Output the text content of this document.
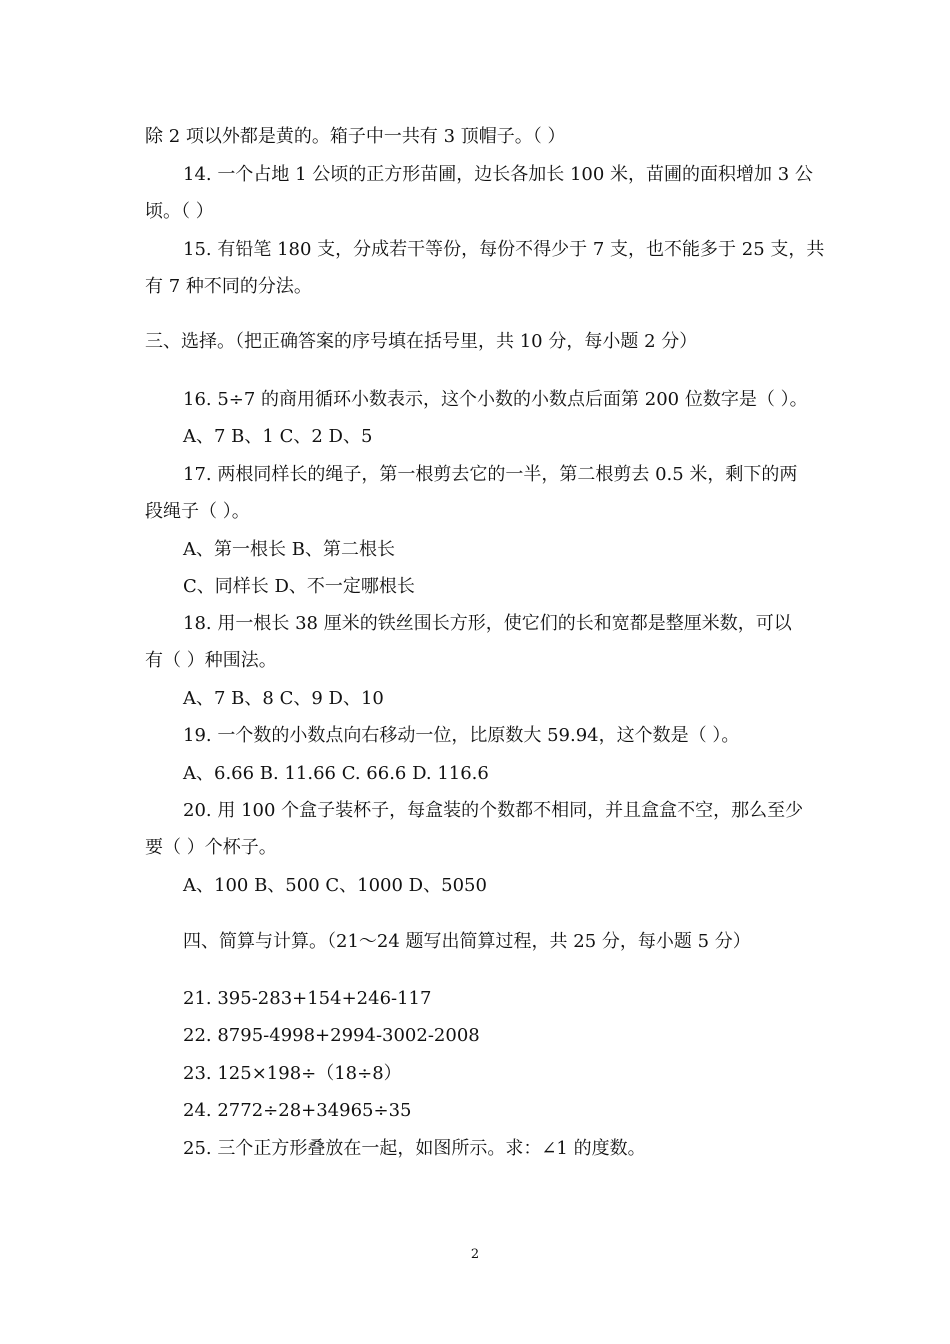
除 2 项以外都是黄的。箱子中一共有 3 顶帽子。（ ）
14. 一个占地 1 公顷的正方形苗圃，边长各加长 100 米，苗圃的面积增加 3 公
顷。（ ）
15. 有铅笔 180 支，分成若干等份，每份不得少于 7 支，也不能多于 25 支，共
有 7 种不同的分法。
三、选择。（把正确答案的序号填在括号里，共 10 分，每小题 2 分）
16. 5÷7 的商用循环小数表示，这个小数的小数点后面第 200 位数字是（ ）。
A、7 B、1 C、2 D、5
17. 两根同样长的绳子，第一根剪去它的一半，第二根剪去 0.5 米，剩下的两
段绳子（ ）。
A、第一根长 B、第二根长
C、同样长 D、不一定哪根长
18. 用一根长 38 厘米的铁丝围长方形，使它们的长和宽都是整厘米数，可以
有（ ）种围法。
A、7 B、8 C、9 D、10
19. 一个数的小数点向右移动一位，比原数大 59.94，这个数是（ ）。
A、6.66 B. 11.66 C. 66.6 D. 116.6
20. 用 100 个盒子装杯子，每盒装的个数都不相同，并且盒盒不空，那么至少
要（ ）个杯子。
A、100 B、500 C、1000 D、5050
四、简算与计算。（21～24 题写出简算过程，共 25 分，每小题 5 分）
21. 395-283+154+246-117
22. 8795-4998+2994-3002-2008
23. 125×198÷（18÷8）
24. 2772÷28+34965÷35
25. 三个正方形叠放在一起，如图所示。求：∠1 的度数。
2
